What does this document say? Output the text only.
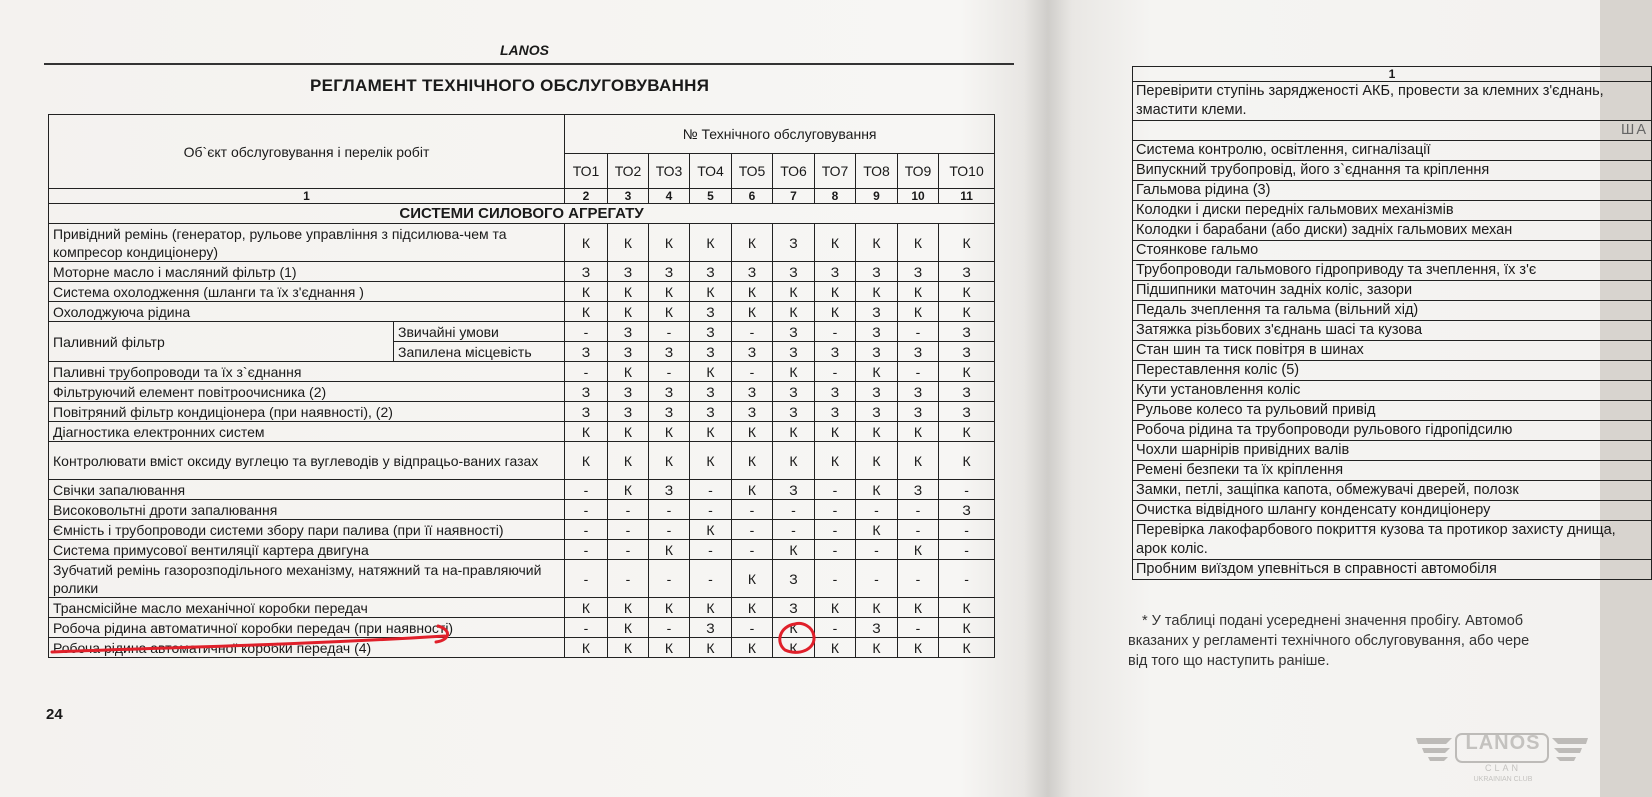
LANOS
РЕГЛАМЕНТ ТЕХНІЧНОГО ОБСЛУГОВУВАННЯ
Об`єкт обслуговування і перелік робіт		№ Технічного обслуговування									
		ТО1	ТО2	ТО3	ТО4	ТО5	ТО6	ТО7	ТО8	ТО9	ТО10
1		2	3	4	5	6	7	8	9	10	11
СИСТЕМИ СИЛОВОГО АГРЕГАТУ											
Привідний ремінь (генератор, рульове управління з підсилюва-чем та компресор кондиціонеру)		К	К	К	К	К	З	К	К	К	К
Моторне масло і масляний фільтр (1)		З	З	З	З	З	З	З	З	З	З
Система охолодження (шланги та їх з'єднання )		К	К	К	К	К	К	К	К	К	К
Охолоджуюча рідина		К	К	К	З	К	К	К	З	К	К
Паливний фільтр	Звичайні умови	-	З	-	З	-	З	-	З	-	З
	Запилена місцевість	З	З	З	З	З	З	З	З	З	З
Паливні трубопроводи та їх з`єднання		-	К	-	К	-	К	-	К	-	К
Фільтруючий елемент повітроочисника (2)		З	З	З	З	З	З	З	З	З	З
Повітряний фільтр кондиціонера (при наявності), (2)		З	З	З	З	З	З	З	З	З	З
Діагностика електронних систем		К	К	К	К	К	К	К	К	К	К
Контролювати вміст оксиду вуглецю та вуглеводів у відпрацьо-ваних газах		К	К	К	К	К	К	К	К	К	К
Свічки запалювання		-	К	З	-	К	З	-	К	З	-
Високовольтні дроти запалювання		-	-	-	-	-	-	-	-	-	З
Ємність і трубопроводи системи збору пари палива (при її наявності)		-	-	-	К	-	-	-	К	-	-
Система примусової вентиляції картера двигуна		-	-	К	-	-	К	-	-	К	-
Зубчатий ремінь газорозподільного механізму, натяжний та на-правляючий ролики		-	-	-	-	К	З	-	-	-	-
Трансмісійне масло механічної коробки передач		К	К	К	К	К	З	К	К	К	К
Робоча рідина автоматичної коробки передач (при наявності)		-	К	-	З	-	К	-	З	-	К
Робоча рідина автоматичної коробки передач (4)		К	К	К	К	К	К	К	К	К	К
24
1
Перевірити ступінь заряджeності АКБ, провести за клемних з'єднань, змастити клеми.
ША
Система контролю, освітлення, сигналізації
Випускний трубопровід, його з`єднання та кріплення
Гальмова рідина (3)
Колодки і диски передніх гальмових механізмів
Колодки і барабани (або диски) задніх гальмових механ
Стоянкове гальмо
Трубопроводи гальмового гідроприводу та зчеплення, їх з'є
Підшипники маточин задніх коліс, зазори
Педаль зчеплення та гальма (вільний хід)
Затяжка різьбових з'єднань шасі та кузова
Стан шин та тиск повітря в шинах
Переставлення коліс (5)
Кути установлення коліс
Рульове колесо та рульовий привід
Робоча рідина та трубопроводи рульового гідропідсилю
Чохли шарнірів привідних валів
Ремені безпеки та їх кріплення
Замки, петлі, защіпка капота, обмежувачі дверей, полозк
Очистка відвідного шлангу конденсату кондиціонеру
Перевірка лакофарбового покриття кузова та протикор захисту днища, арок коліс.
Пробним виїздом упевніться в справності автомобіля

* У таблиці подані усереднені значення пробігу. Автомоб

вказаних у регламенті технічного обслуговування, або чере

від того що наступить раніше.

LANOS
CLAN
UKRAINIAN CLUB
